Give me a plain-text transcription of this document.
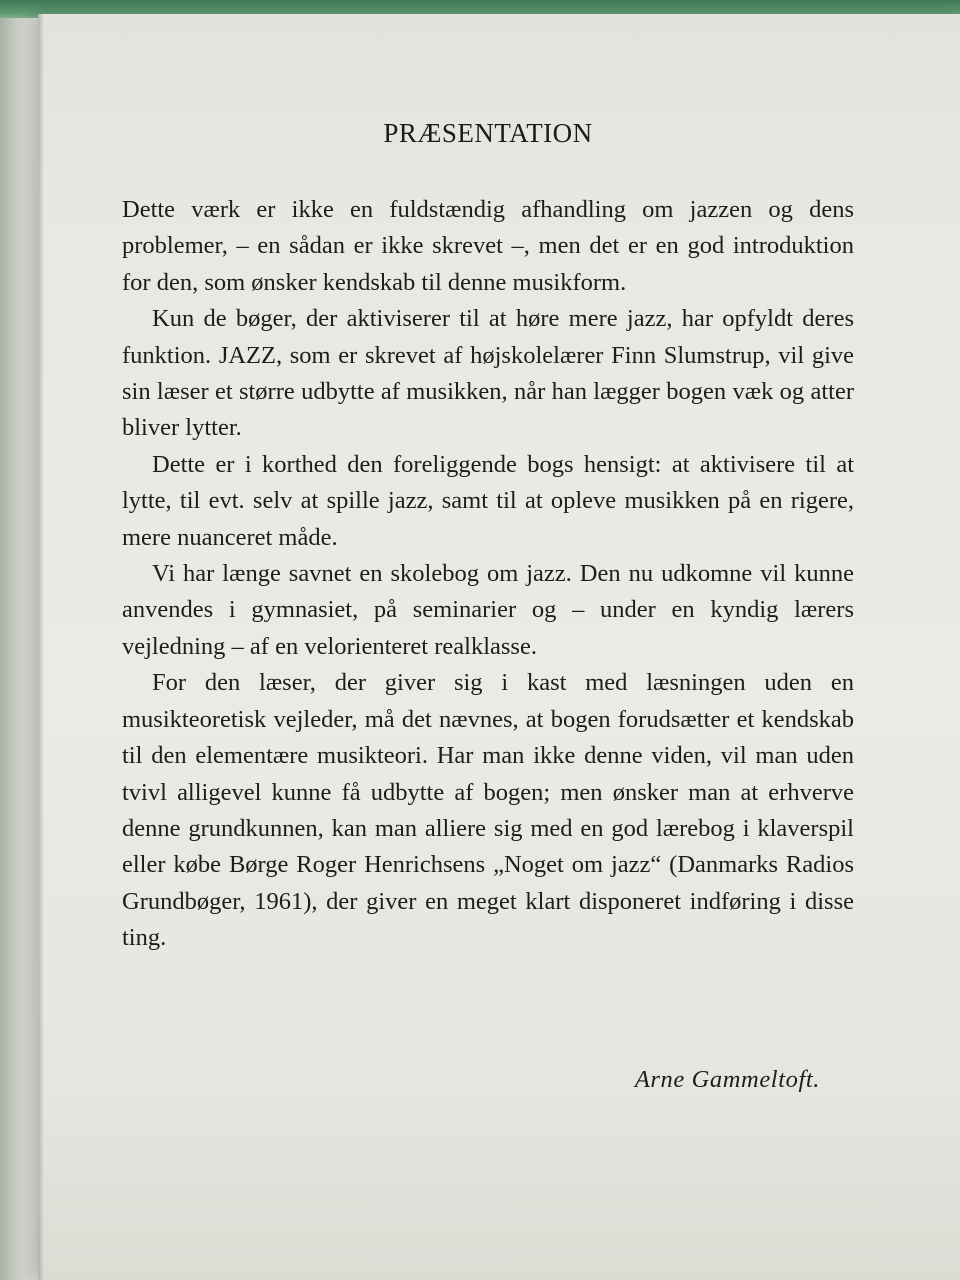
PRÆSENTATION

Dette værk er ikke en fuldstændig afhandling om jazzen og dens problemer, – en sådan er ikke skrevet –, men det er en god introduktion for den, som ønsker kendskab til denne musikform.

Kun de bøger, der aktiviserer til at høre mere jazz, har opfyldt deres funktion. JAZZ, som er skrevet af højskolelærer Finn Slumstrup, vil give sin læser et større udbytte af musikken, når han lægger bogen væk og atter bliver lytter.

Dette er i korthed den foreliggende bogs hensigt: at aktivisere til at lytte, til evt. selv at spille jazz, samt til at opleve musikken på en rigere, mere nuanceret måde.

Vi har længe savnet en skolebog om jazz. Den nu udkomne vil kunne anvendes i gymnasiet, på seminarier og – under en kyndig lærers vejledning – af en velorienteret realklasse.

For den læser, der giver sig i kast med læsningen uden en musikteoretisk vejleder, må det nævnes, at bogen forudsætter et kendskab til den elementære musikteori. Har man ikke denne viden, vil man uden tvivl alligevel kunne få udbytte af bogen; men ønsker man at erhverve denne grundkunnen, kan man alliere sig med en god lærebog i klaverspil eller købe Børge Roger Henrichsens „Noget om jazz“ (Danmarks Radios Grundbøger, 1961), der giver en meget klart disponeret indføring i disse ting.

Arne Gammeltoft.
